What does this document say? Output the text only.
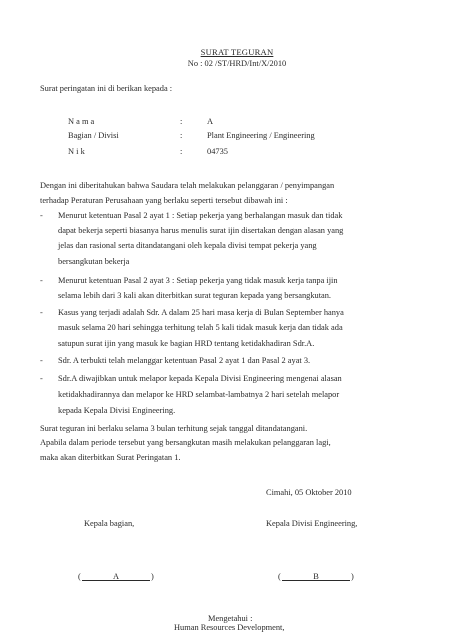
SURAT TEGURAN
No : 02 /ST/HRD/Int/X/2010
Surat peringatan ini di berikan kepada :
N a m a	:	A
Bagian / Divisi	:	Plant Engineering / Engineering
N i k	:	04735
Dengan ini diberitahukan bahwa Saudara telah melakukan pelanggaran / penyimpangan
terhadap Peraturan Perusahaan yang berlaku seperti tersebut dibawah ini :
- Menurut ketentuan Pasal 2 ayat 1 : Setiap pekerja yang berhalangan masuk dan tidak
dapat bekerja seperti biasanya harus menulis surat ijin disertakan dengan alasan yang
jelas dan rasional serta ditandatangani oleh kepala divisi tempat pekerja yang
bersangkutan bekerja
- Menurut ketentuan Pasal 2 ayat 3 : Setiap pekerja yang tidak masuk kerja tanpa ijin
selama lebih dari 3 kali akan diterbitkan surat teguran kepada yang bersangkutan.
- Kasus yang terjadi adalah Sdr. A dalam 25 hari masa kerja di Bulan September hanya
masuk selama 20 hari sehingga terhitung telah 5 kali tidak masuk kerja dan tidak ada
satupun surat ijin yang masuk ke bagian HRD tentang ketidakhadiran Sdr.A.
- Sdr. A terbukti telah melanggar ketentuan Pasal 2 ayat 1 dan Pasal 2 ayat 3.
- Sdr.A diwajibkan untuk melapor kepada Kepala Divisi Engineering mengenai alasan
ketidakhadirannya dan melapor ke HRD selambat-lambatnya 2 hari setelah melapor
kepada Kepala Divisi Engineering.
Surat teguran ini berlaku selama 3 bulan terhitung sejak tanggal ditandatangani.
Apabila dalam periode tersebut yang bersangkutan masih melakukan pelanggaran lagi,
maka akan diterbitkan Surat Peringatan 1.
Cimahi, 05 Oktober 2010
Kepala bagian,	Kepala Divisi Engineering,
(	A	)	(	B	)
Mengetahui :
Human Resources Development,
